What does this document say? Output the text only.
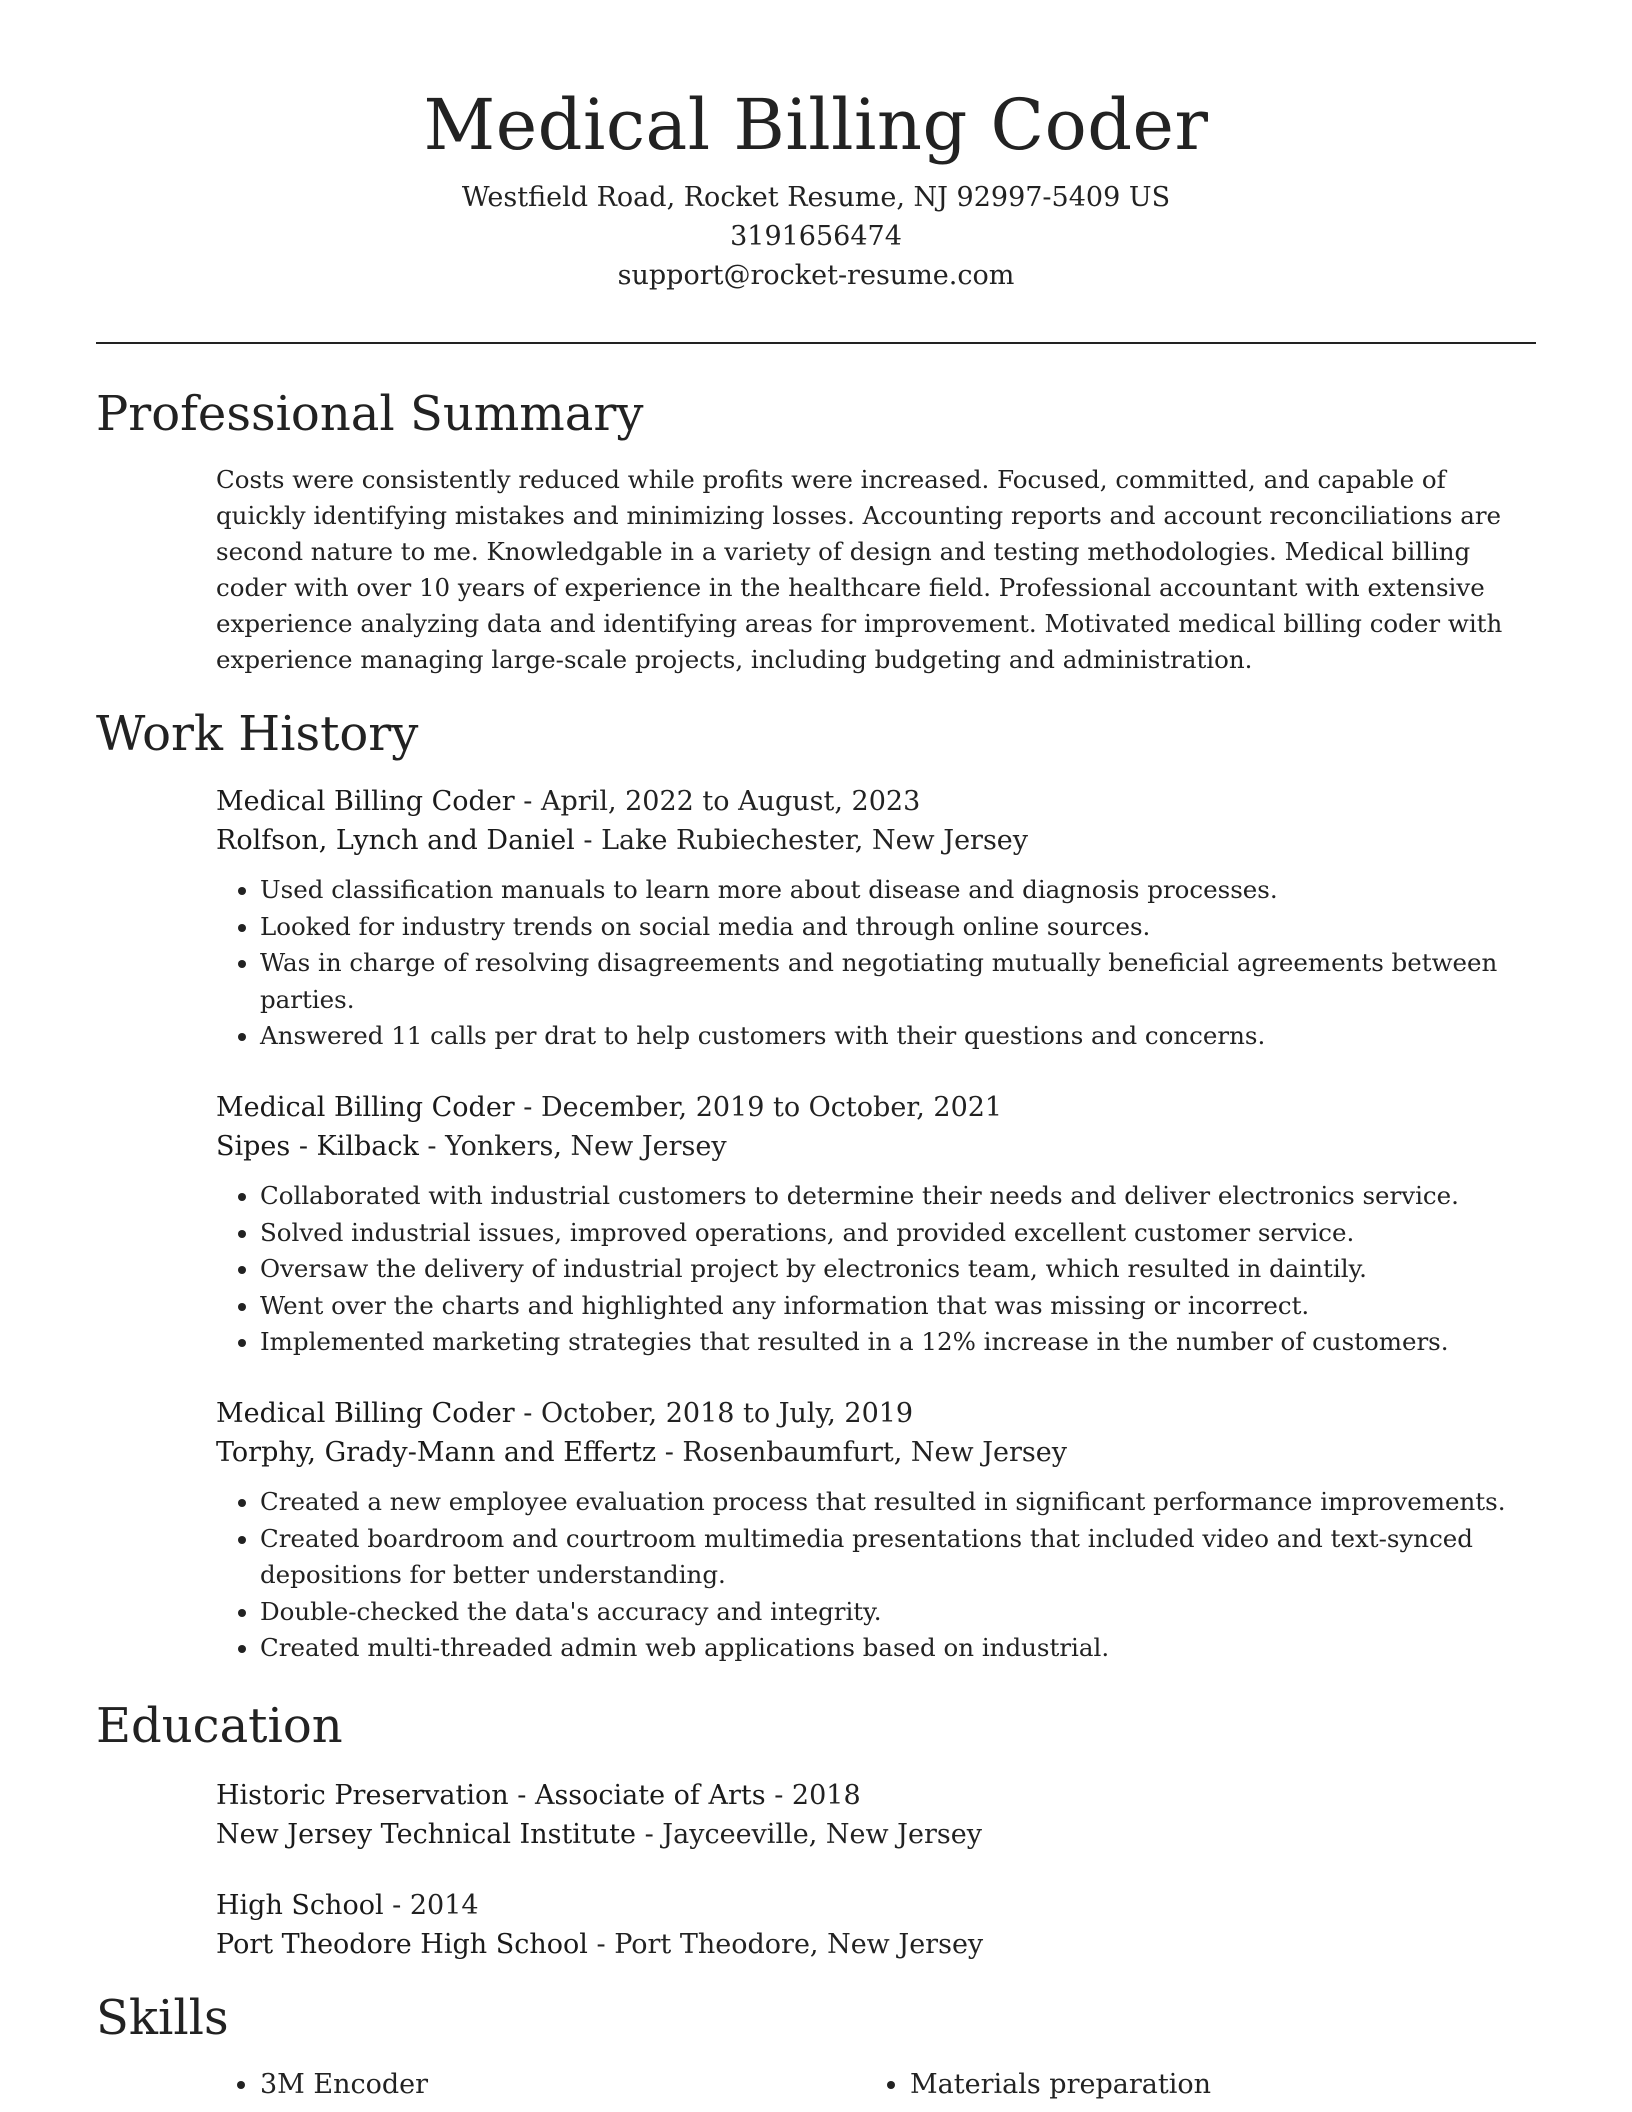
Medical Billing Coder
Westfield Road, Rocket Resume, NJ 92997-5409 US
3191656474
support@rocket-resume.com
Professional Summary

Costs were consistently reduced while profits were increased. Focused, committed, and capable of quickly identifying mistakes and minimizing losses. Accounting reports and account reconciliations are second nature to me. Knowledgable in a variety of design and testing methodologies. Medical billing coder with over 10 years of experience in the healthcare field. Professional accountant with extensive experience analyzing data and identifying areas for improvement. Motivated medical billing coder with experience managing large-scale projects, including budgeting and administration.

Work History
Medical Billing Coder - April, 2022 to August, 2023
Rolfson, Lynch and Daniel - Lake Rubiechester, New Jersey
• Used classification manuals to learn more about disease and diagnosis processes.
• Looked for industry trends on social media and through online sources.
• Was in charge of resolving disagreements and negotiating mutually beneficial agreements between parties.
• Answered 11 calls per drat to help customers with their questions and concerns.
Medical Billing Coder - December, 2019 to October, 2021
Sipes - Kilback - Yonkers, New Jersey
• Collaborated with industrial customers to determine their needs and deliver electronics service.
• Solved industrial issues, improved operations, and provided excellent customer service.
• Oversaw the delivery of industrial project by electronics team, which resulted in daintily.
• Went over the charts and highlighted any information that was missing or incorrect.
• Implemented marketing strategies that resulted in a 12% increase in the number of customers.
Medical Billing Coder - October, 2018 to July, 2019
Torphy, Grady-Mann and Effertz - Rosenbaumfurt, New Jersey
• Created a new employee evaluation process that resulted in significant performance improvements.
• Created boardroom and courtroom multimedia presentations that included video and text-synced depositions for better understanding.
• Double-checked the data's accuracy and integrity.
• Created multi-threaded admin web applications based on industrial.
Education
Historic Preservation - Associate of Arts - 2018
New Jersey Technical Institute - Jayceeville, New Jersey
High School - 2014
Port Theodore High School - Port Theodore, New Jersey
Skills
• 3M Encoder
•	Materials preparation
